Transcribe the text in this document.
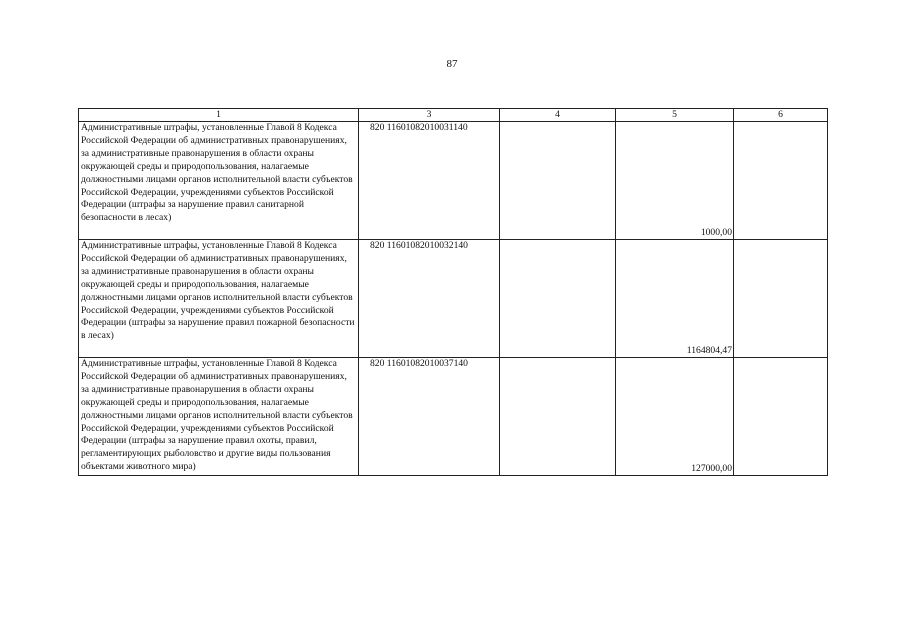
87
1	3	4	5	6
Административные штрафы, установленные Главой 8 Кодекса Российской Федерации об административных правонарушениях, за административные правонарушения в области охраны окружающей среды и природопользования, налагаемые должностными лицами органов исполнительной власти субъектов Российской Федерации, учреждениями субъектов Российской Федерации (штрафы за нарушение правил санитарной безопасности в лесах)	820 11601082010031140		1000,00	
Административные штрафы, установленные Главой 8 Кодекса Российской Федерации об административных правонарушениях, за административные правонарушения в области охраны окружающей среды и природопользования, налагаемые должностными лицами органов исполнительной власти субъектов Российской Федерации, учреждениями субъектов Российской Федерации (штрафы за нарушение правил пожарной безопасности в лесах)	820 11601082010032140		1164804,47	
Административные штрафы, установленные Главой 8 Кодекса Российской Федерации об административных правонарушениях, за административные правонарушения в области охраны окружающей среды и природопользования, налагаемые должностными лицами органов исполнительной власти субъектов Российской Федерации, учреждениями субъектов Российской Федерации (штрафы за нарушение правил охоты, правил, регламентирующих рыболовство и другие виды пользования объектами животного мира)	820 11601082010037140		127000,00	
